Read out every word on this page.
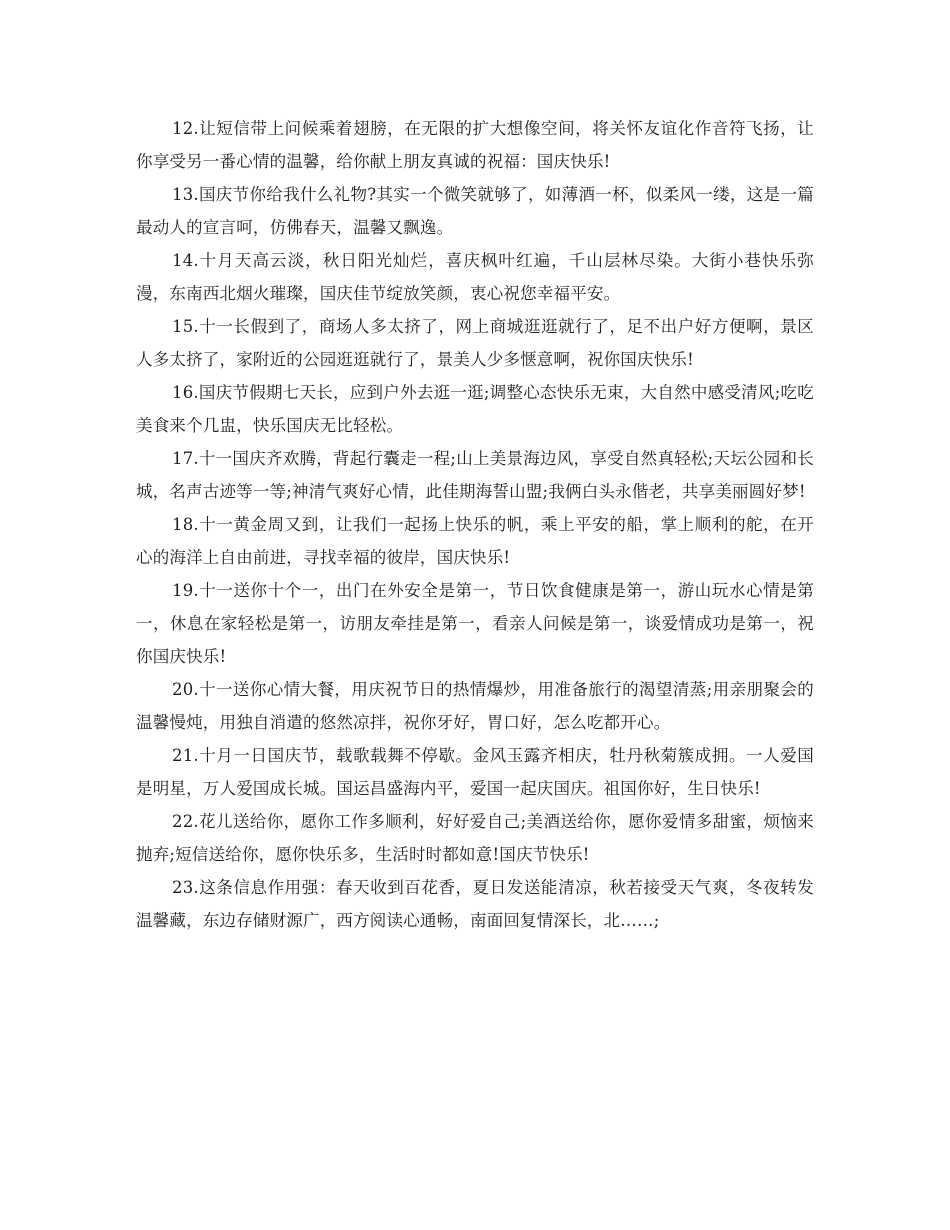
12.让短信带上问候乘着翅膀，在无限的扩大想像空间，将关怀友谊化作音符飞扬，让你享受另一番心情的温馨，给你献上朋友真诚的祝福：国庆快乐!

13.国庆节你给我什么礼物?其实一个微笑就够了，如薄酒一杯，似柔风一缕，这是一篇最动人的宣言呵，仿佛春天，温馨又飘逸。

14.十月天高云淡，秋日阳光灿烂，喜庆枫叶红遍，千山层林尽染。大街小巷快乐弥漫，东南西北烟火璀璨，国庆佳节绽放笑颜，衷心祝您幸福平安。

15.十一长假到了，商场人多太挤了，网上商城逛逛就行了，足不出户好方便啊，景区人多太挤了，家附近的公园逛逛就行了，景美人少多惬意啊，祝你国庆快乐!

16.国庆节假期七天长，应到户外去逛一逛;调整心态快乐无束，大自然中感受清风;吃吃美食来个几盅，快乐国庆无比轻松。

17.十一国庆齐欢腾，背起行囊走一程;山上美景海边风，享受自然真轻松;天坛公园和长城，名声古迹等一等;神清气爽好心情，此佳期海誓山盟;我俩白头永偕老，共享美丽圆好梦!

18.十一黄金周又到，让我们一起扬上快乐的帆，乘上平安的船，掌上顺利的舵，在开心的海洋上自由前进，寻找幸福的彼岸，国庆快乐!

19.十一送你十个一，出门在外安全是第一，节日饮食健康是第一，游山玩水心情是第一，休息在家轻松是第一，访朋友牵挂是第一，看亲人问候是第一，谈爱情成功是第一，祝你国庆快乐!

20.十一送你心情大餐，用庆祝节日的热情爆炒，用准备旅行的渴望清蒸;用亲朋聚会的温馨慢炖，用独自消遣的悠然凉拌，祝你牙好，胃口好，怎么吃都开心。

21.十月一日国庆节，载歌载舞不停歇。金风玉露齐相庆，牡丹秋菊簇成拥。一人爱国是明星，万人爱国成长城。国运昌盛海内平，爱国一起庆国庆。祖国你好，生日快乐!

22.花儿送给你，愿你工作多顺利，好好爱自己;美酒送给你，愿你爱情多甜蜜，烦恼来抛弃;短信送给你，愿你快乐多，生活时时都如意!国庆节快乐!

23.这条信息作用强：春天收到百花香，夏日发送能清凉，秋若接受天气爽，冬夜转发温馨藏，东边存储财源广，西方阅读心通畅，南面回复情深长，北……;
